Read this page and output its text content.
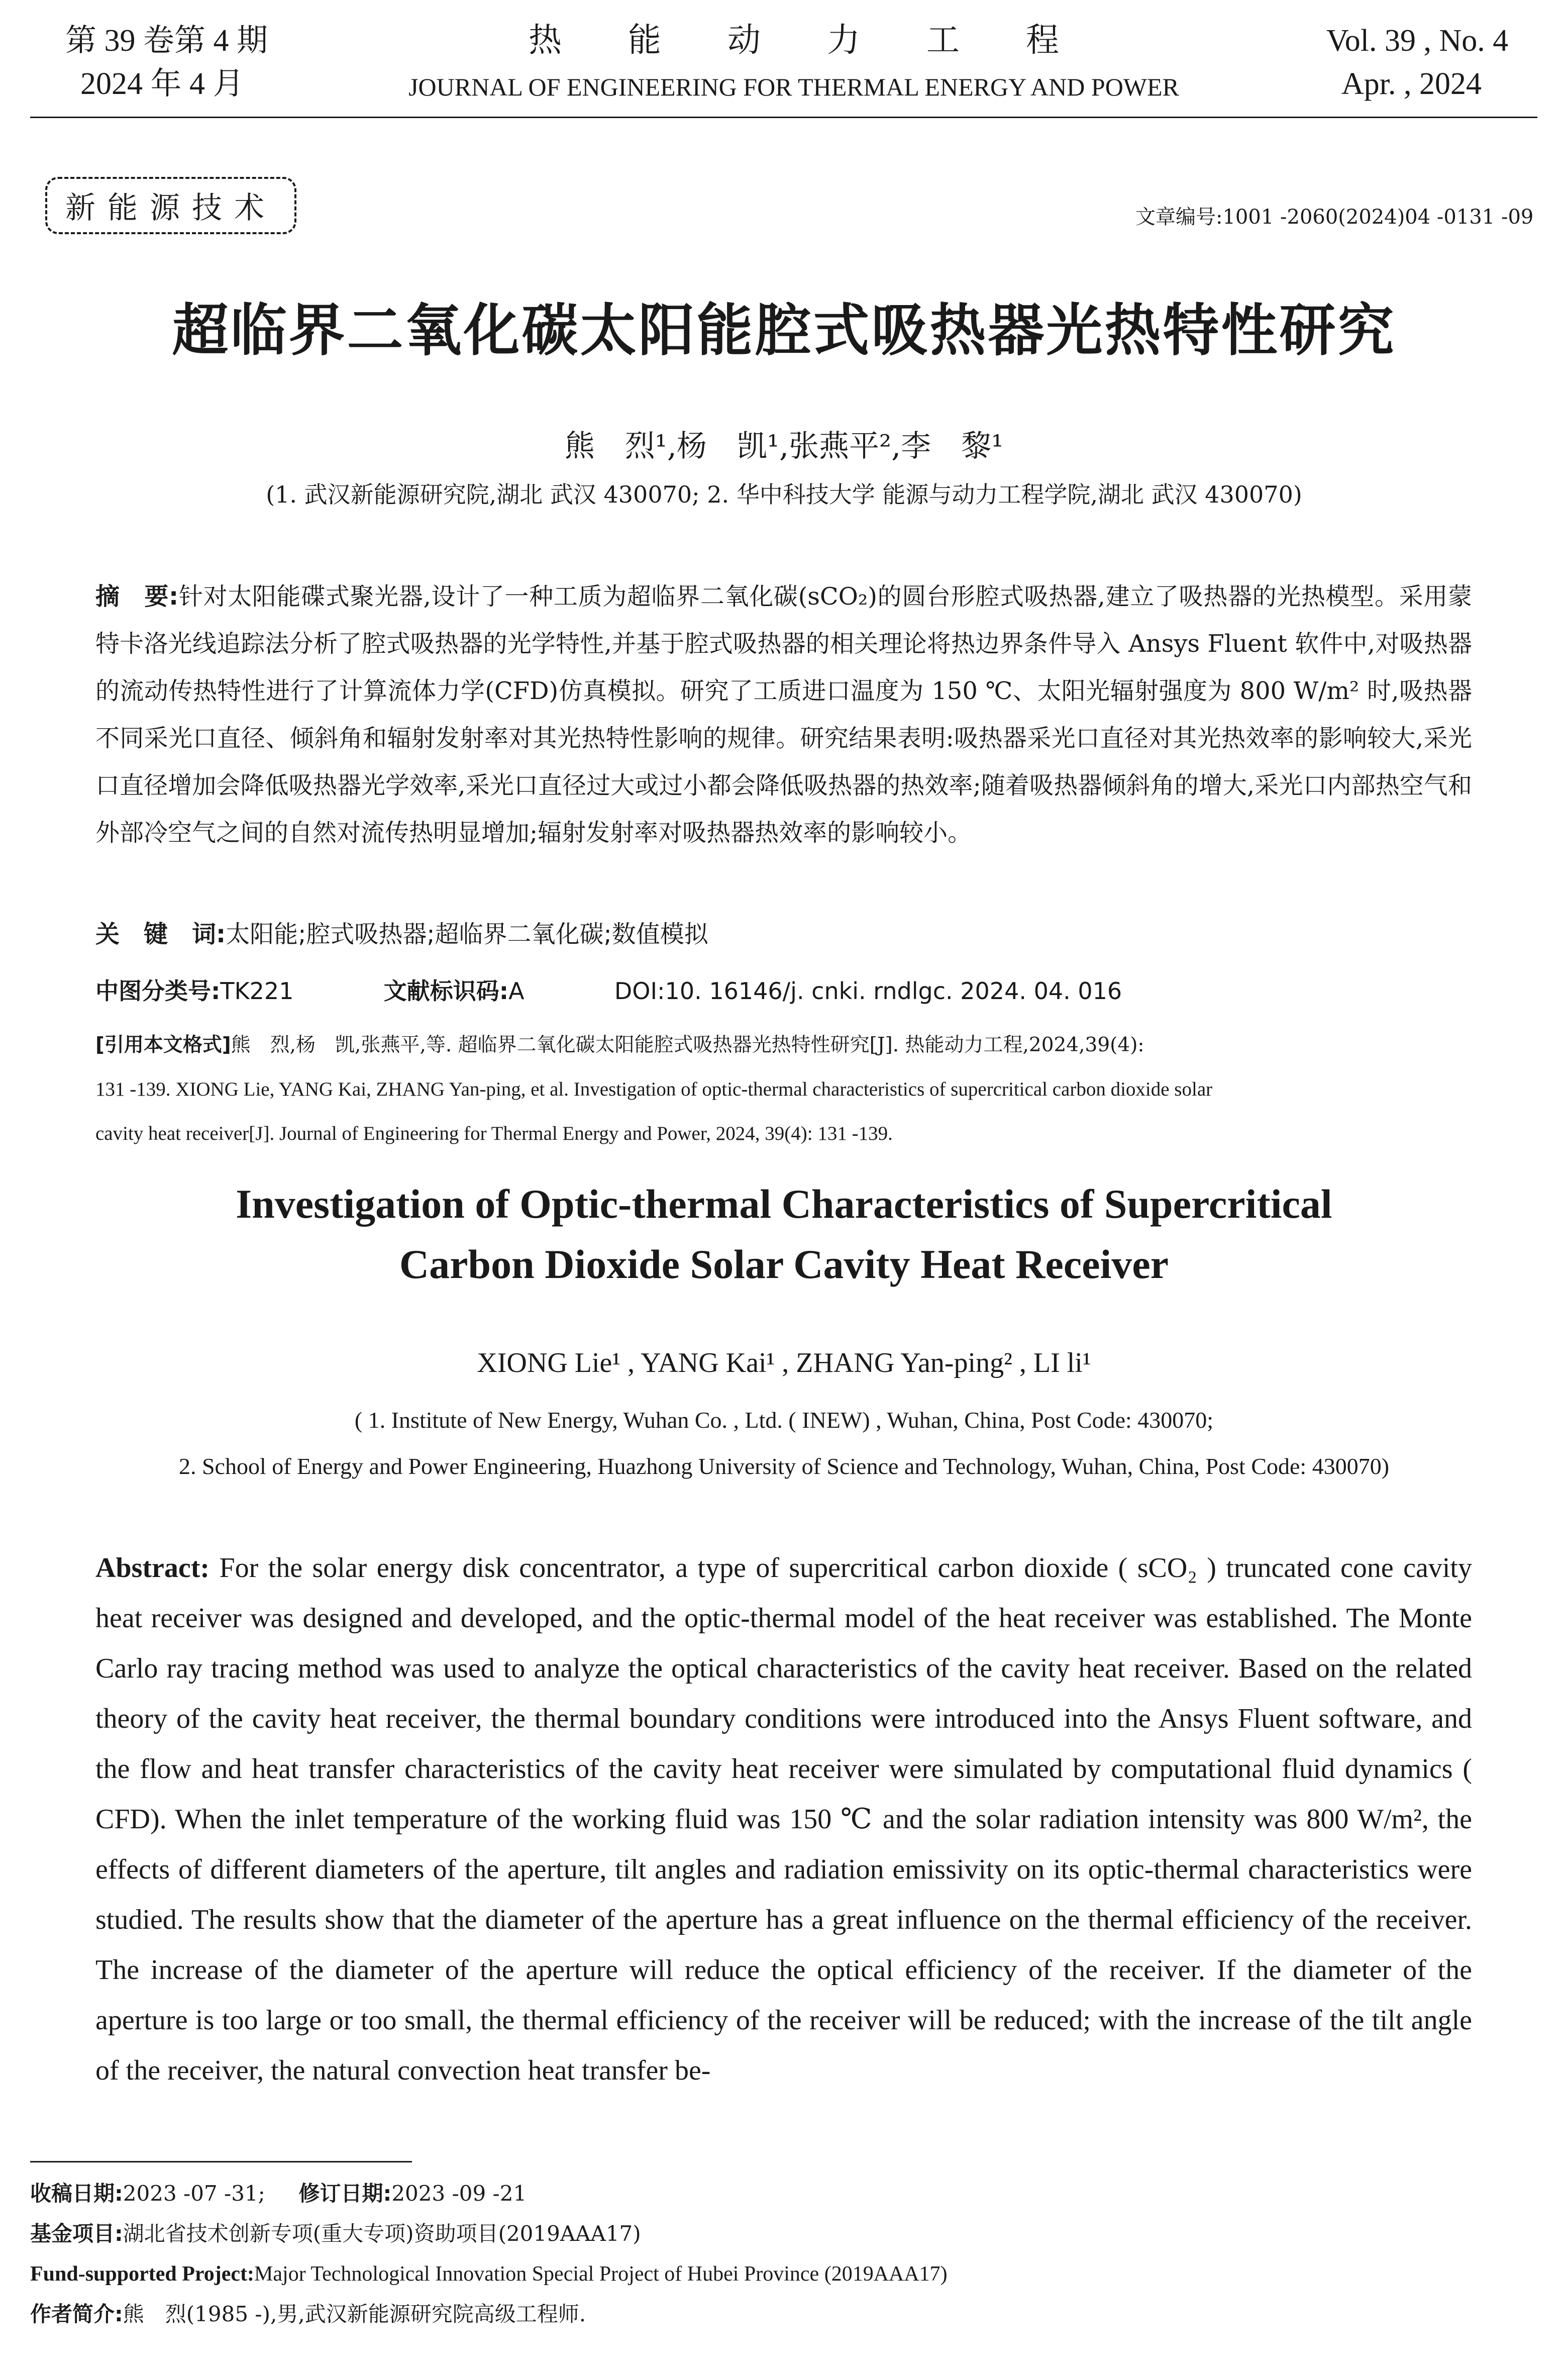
第 39 卷第 4 期
2024 年 4 月
热　　能　　动　　力　　工　　程
JOURNAL OF ENGINEERING FOR THERMAL ENERGY AND POWER
Vol. 39 , No. 4
Apr. , 2024
新能源技术	文章编号:1001 -2060(2024)04 -0131 -09
超临界二氧化碳太阳能腔式吸热器光热特性研究
熊　烈¹,杨　凯¹,张燕平²,李　黎¹
(1. 武汉新能源研究院,湖北 武汉 430070; 2. 华中科技大学 能源与动力工程学院,湖北 武汉 430070)
摘　要:针对太阳能碟式聚光器,设计了一种工质为超临界二氧化碳(sCO₂)的圆台形腔式吸热器,建立了吸热器的光热模型。采用蒙特卡洛光线追踪法分析了腔式吸热器的光学特性,并基于腔式吸热器的相关理论将热边界条件导入 Ansys Fluent 软件中,对吸热器的流动传热特性进行了计算流体力学(CFD)仿真模拟。研究了工质进口温度为 150 ℃、太阳光辐射强度为 800 W/m² 时,吸热器不同采光口直径、倾斜角和辐射发射率对其光热特性影响的规律。研究结果表明:吸热器采光口直径对其光热效率的影响较大,采光口直径增加会降低吸热器光学效率,采光口直径过大或过小都会降低吸热器的热效率;随着吸热器倾斜角的增大,采光口内部热空气和外部冷空气之间的自然对流传热明显增加;辐射发射率对吸热器热效率的影响较小。
关　键　词:太阳能;腔式吸热器;超临界二氧化碳;数值模拟
中图分类号:TK221	文献标识码:A	DOI:10. 16146/j. cnki. rndlgc. 2024. 04. 016
[引用本文格式]熊　烈,杨　凯,张燕平,等. 超临界二氧化碳太阳能腔式吸热器光热特性研究[J]. 热能动力工程,2024,39(4):
131 -139. XIONG Lie, YANG Kai, ZHANG Yan-ping, et al. Investigation of optic-thermal characteristics of supercritical carbon dioxide solar
cavity heat receiver[J]. Journal of Engineering for Thermal Energy and Power, 2024, 39(4): 131 -139.
Investigation of Optic-thermal Characteristics of Supercritical
Carbon Dioxide Solar Cavity Heat Receiver
XIONG Lie¹ , YANG Kai¹ , ZHANG Yan-ping² , LI li¹
( 1. Institute of New Energy, Wuhan Co. , Ltd. ( INEW) , Wuhan, China, Post Code: 430070;
2. School of Energy and Power Engineering, Huazhong University of Science and Technology, Wuhan, China, Post Code: 430070)
Abstract: For the solar energy disk concentrator, a type of supercritical carbon dioxide ( sCO₂ ) truncated cone cavity heat receiver was designed and developed, and the optic-thermal model of the heat receiver was established. The Monte Carlo ray tracing method was used to analyze the optical characteristics of the cavity heat receiver. Based on the related theory of the cavity heat receiver, the thermal boundary conditions were introduced into the Ansys Fluent software, and the flow and heat transfer characteristics of the cavity heat receiver were simulated by computational fluid dynamics ( CFD). When the inlet temperature of the working fluid was 150 ℃ and the solar radiation intensity was 800 W/m², the effects of different diameters of the aperture, tilt angles and radiation emissivity on its optic-thermal characteristics were studied. The results show that the diameter of the aperture has a great influence on the thermal efficiency of the receiver. The increase of the diameter of the aperture will reduce the optical efficiency of the receiver. If the diameter of the aperture is too large or too small, the thermal efficiency of the receiver will be reduced; with the increase of the tilt angle of the receiver, the natural convection heat transfer be-
收稿日期:2023 -07 -31; 修订日期:2023 -09 -21
基金项目:湖北省技术创新专项(重大专项)资助项目(2019AAA17)
Fund-supported Project:Major Technological Innovation Special Project of Hubei Province (2019AAA17)
作者简介:熊　烈(1985 -),男,武汉新能源研究院高级工程师.
